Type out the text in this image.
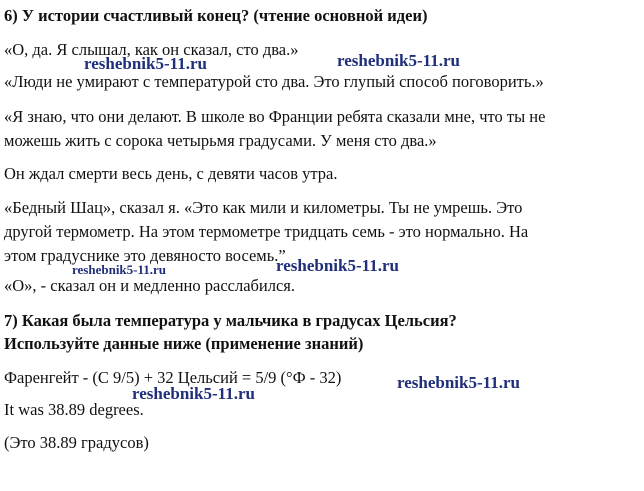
6) У истории счастливый конец? (чтение основной идеи)
«О, да. Я слышал, как он сказал, сто два.»
«Люди не умирают с температурой сто два. Это глупый способ поговорить.»
«Я знаю, что они делают. В школе во Франции ребята сказали мне, что ты не
можешь жить с сорока четырьмя градусами. У меня сто два.»
Он ждал смерти весь день, с девяти часов утра.
«Бедный Шац», сказал я. «Это как мили и километры. Ты не умрешь. Это
другой термометр. На этом термометре тридцать семь - это нормально. На
этом градуснике это девяносто восемь.”
«О», - сказал он и медленно расслабился.
7) Какая была температура у мальчика в градусах Цельсия?
Используйте данные ниже (применение знаний)
Фаренгейт - (С 9/5) + 32 Цельсий = 5/9 (°Ф - 32)
It was 38.89 degrees.
(Это 38.89 градусов)
reshebnik5-11.ru
reshebnik5-11.ru
reshebnik5-11.ru
reshebnik5-11.ru
reshebnik5-11.ru
reshebnik5-11.ru
